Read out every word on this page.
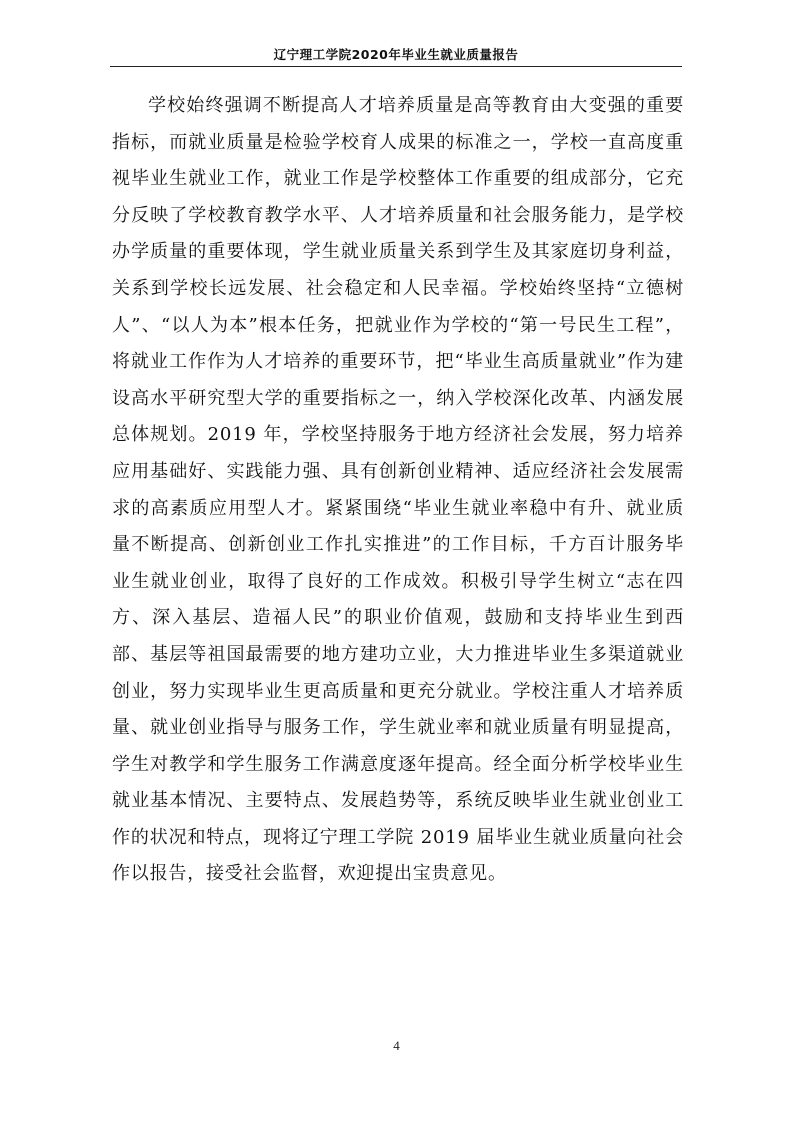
辽宁理工学院2020年毕业生就业质量报告

学校始终强调不断提高人才培养质量是高等教育由大变强的重要指标，而就业质量是检验学校育人成果的标准之一，学校一直高度重视毕业生就业工作，就业工作是学校整体工作重要的组成部分，它充分反映了学校教育教学水平、人才培养质量和社会服务能力，是学校办学质量的重要体现，学生就业质量关系到学生及其家庭切身利益，关系到学校长远发展、社会稳定和人民幸福。学校始终坚持“立德树人”、“以人为本”根本任务，把就业作为学校的“第一号民生工程”，将就业工作作为人才培养的重要环节，把“毕业生高质量就业”作为建设高水平研究型大学的重要指标之一，纳入学校深化改革、内涵发展总体规划。2019 年，学校坚持服务于地方经济社会发展，努力培养应用基础好、实践能力强、具有创新创业精神、适应经济社会发展需求的高素质应用型人才。紧紧围绕“毕业生就业率稳中有升、就业质量不断提高、创新创业工作扎实推进”的工作目标，千方百计服务毕业生就业创业，取得了良好的工作成效。积极引导学生树立“志在四方、深入基层、造福人民”的职业价值观，鼓励和支持毕业生到西部、基层等祖国最需要的地方建功立业，大力推进毕业生多渠道就业创业，努力实现毕业生更高质量和更充分就业。学校注重人才培养质量、就业创业指导与服务工作，学生就业率和就业质量有明显提高，学生对教学和学生服务工作满意度逐年提高。经全面分析学校毕业生就业基本情况、主要特点、发展趋势等，系统反映毕业生就业创业工作的状况和特点，现将辽宁理工学院 2019 届毕业生就业质量向社会作以报告，接受社会监督，欢迎提出宝贵意见。

4
